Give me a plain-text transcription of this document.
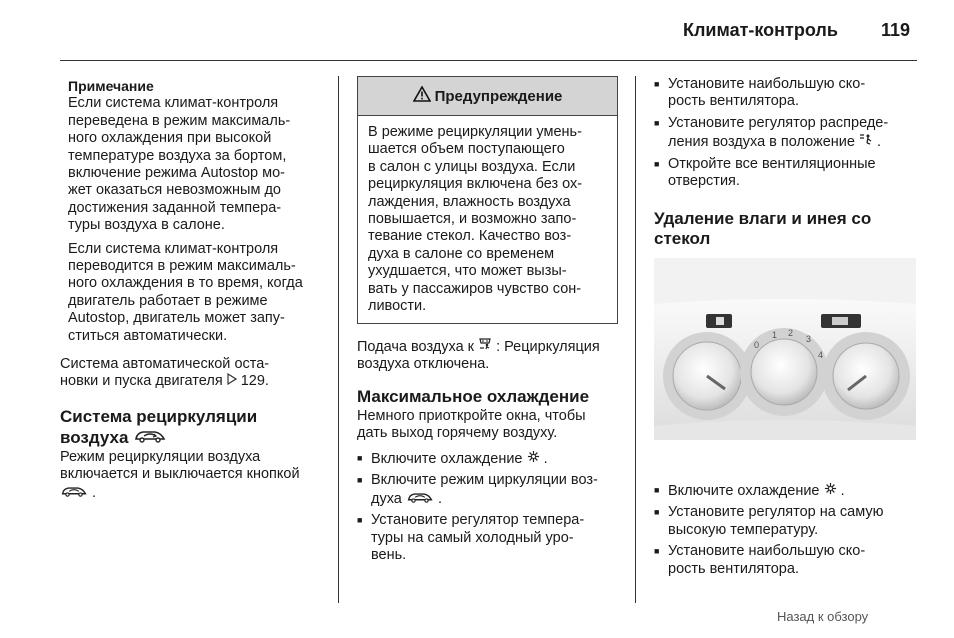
Климат-контроль 119
Примечание
Если система климат-контроля
переведена в режим максималь-
ного охлаждения при высокой
температуре воздуха за бортом,
включение режима Autostop мо-
жет оказаться невозможным до
достижения заданной темпера-
туры воздуха в салоне.
Если система климат-контроля
переводится в режим максималь-
ного охлаждения в то время, когда
двигатель работает в режиме
Autostop, двигатель может запу-
ститься автоматически.
Система автоматической оста-
новки и пуска двигателя 129.
Система рециркуляции
воздуха
Режим рециркуляции воздуха
включается и выключается кнопкой
.
Предупреждение
В режиме рециркуляции умень-
шается объем поступающего
в салон с улицы воздуха. Если
рециркуляция включена без ох-
лаждения, влажность воздуха
повышается, и возможно запо-
тевание стекол. Качество воз-
духа в салоне со временем
ухудшается, что может вызы-
вать у пассажиров чувство сон-
ливости.
Подача воздуха к : Рециркуляция
воздуха отключена.
Максимальное охлаждение
Немного приоткройте окна, чтобы
дать выход горячему воздуху.
■ Включите охлаждение .
■ Включите режим циркуляции воз-
духа .
■ Установите регулятор темпера-
туры на самый холодный уро-
вень.
■ Установите наибольшую ско-
рость вентилятора.
■ Установите регулятор распреде-
ления воздуха в положение .
■ Откройте все вентиляционные
отверстия.
Удаление влаги и инея со
стекол
0
1 2
3
4
■ Включите охлаждение .
■ Установите регулятор на самую
высокую температуру.
■ Установите наибольшую ско-
рость вентилятора.
Назад к обзору
